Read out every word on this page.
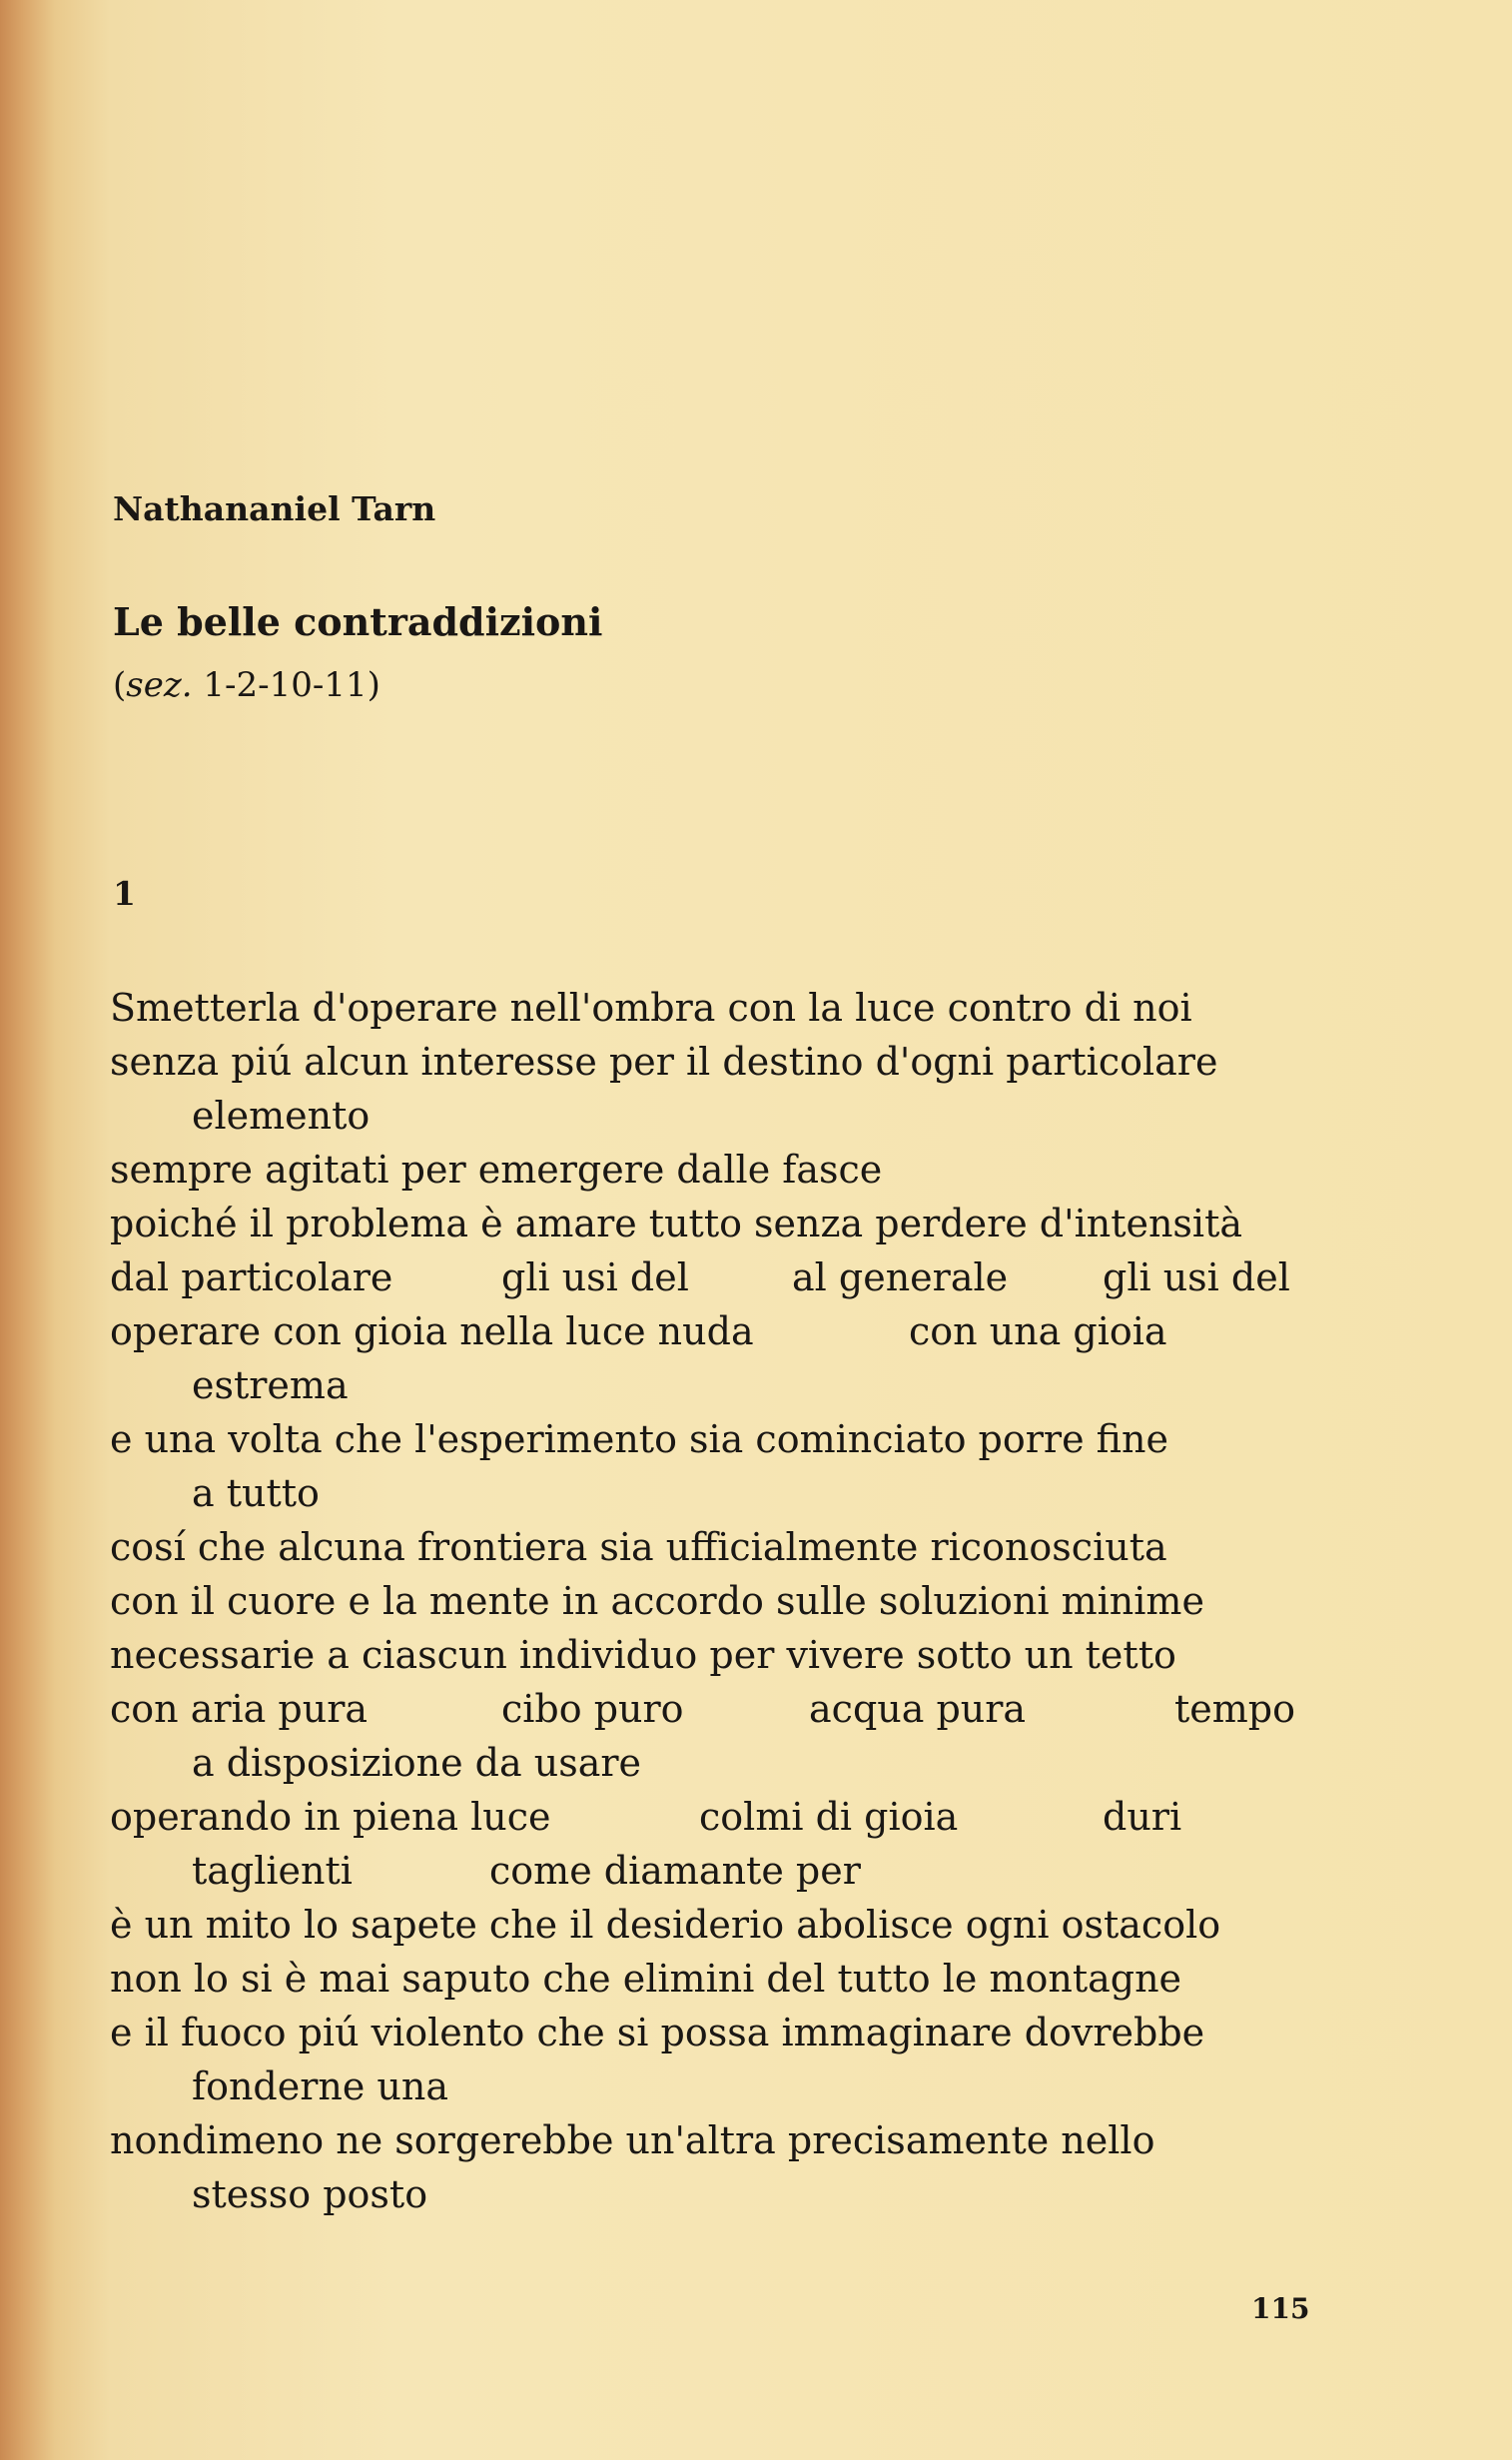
Nathananiel Tarn
Le belle contraddizioni
(sez. 1-2-10-11)
1
Smetterla d'operare nell'ombra con la luce contro di noi
senza piú alcun interesse per il destino d'ogni particolare
elemento
sempre agitati per emergere dalle fasce
poiché il problema è amare tutto senza perdere d'intensità
dal particolare	gli usi del	al generale gli usi del
operare con gioia nella luce nuda	con una gioia
estrema
e una volta che l'esperimento sia cominciato porre fine
a tutto
cosí che alcuna frontiera sia ufficialmente riconosciuta
con il cuore e la mente in accordo sulle soluzioni minime
necessarie a ciascun individuo per vivere sotto un tetto
con aria pura	cibo puro	acqua pura	tempo
a disposizione da usare
operando in piena luce	colmi di gioia	duri
taglienti	come diamante per
è un mito lo sapete che il desiderio abolisce ogni ostacolo
non lo si è mai saputo che elimini del tutto le montagne
e il fuoco piú violento che si possa immaginare dovrebbe
fonderne una
nondimeno ne sorgerebbe un'altra precisamente nello
stesso posto
115
